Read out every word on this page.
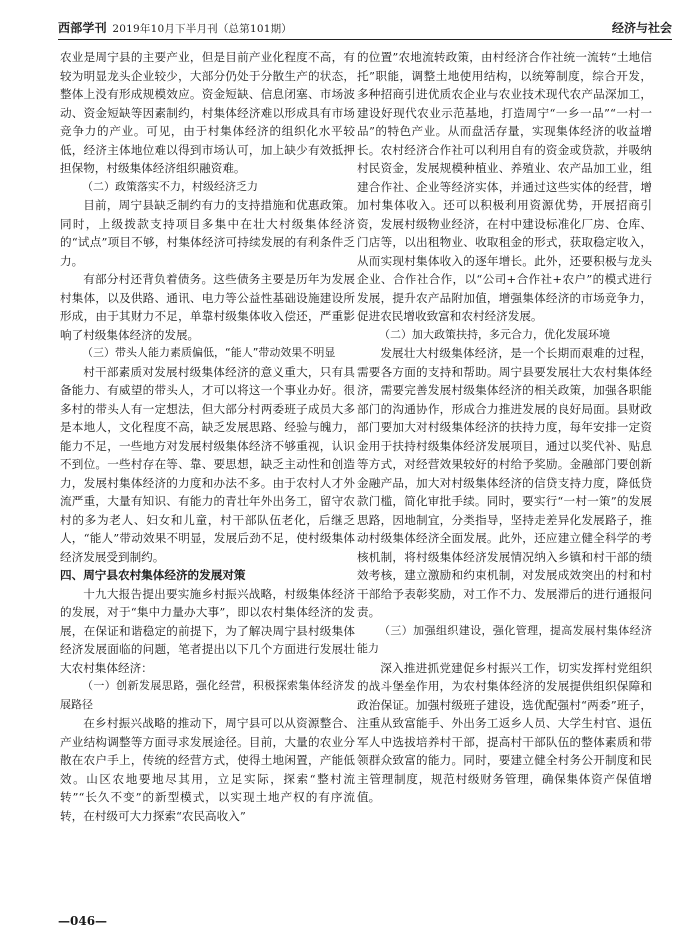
西部学刊 2019年10月下半月刊（总第101期）	经济与社会

农业是周宁县的主要产业，但是目前产业化程度不高，有较为明显龙头企业较少，大部分仍处于分散生产的状态，整体上没有形成规模效应。资金短缺、信息闭塞、市场波动、资金短缺等因素制约，村集体经济难以形成具有市场竞争力的产业。可见，由于村集体经济的组织化水平较低，经济主体地位难以得到市场认可，加上缺少有效抵押担保物，村级集体经济组织融资难。

（二）政策落实不力，村级经济乏力

目前，周宁县缺乏制约有力的支持措施和优惠政策。同时，上级拨款支持项目多集中在壮大村级集体经济的“试点”项目不够，村集体经济可持续发展的有利条件乏力。

有部分村还背负着债务。这些债务主要是历年为发展村集体，以及供路、通讯、电力等公益性基础设施建设所形成，由于其财力不足，单靠村级集体收入偿还，严重影响了村级集体经济的发展。

（三）带头人能力素质偏低，“能人”带动效果不明显

村干部素质对发展村级集体经济的意义重大，只有具备能力、有威望的带头人，才可以将这一个事业办好。很多村的带头人有一定想法，但大部分村两委班子成员大多是本地人，文化程度不高，缺乏发展思路、经验与魄力，能力不足，一些地方对发展村级集体经济不够重视，认识不到位。一些村存在等、靠、要思想，缺乏主动性和创造力，发展村集体经济的力度和办法不多。由于农村人才外流严重，大量有知识、有能力的青壮年外出务工，留守农村的多为老人、妇女和儿童，村干部队伍老化，后继乏人，“能人”带动效果不明显，发展后劲不足，使村级集体经济发展受到制约。

四、周宁县农村集体经济的发展对策

十九大报告提出要实施乡村振兴战略，村级集体经济的发展，对于“集中力量办大事”，即以农村集体经济的发展，在保证和谐稳定的前提下，为了解决周宁县村级集体经济发展面临的问题，笔者提出以下几个方面进行发展壮大农村集体经济：

（一）创新发展思路，强化经营，积极探索集体经济发展路径

在乡村振兴战略的推动下，周宁县可以从资源整合、产业结构调整等方面寻求发展途径。目前，大量的农业分散在农户手上，传统的经营方式，使得土地闲置，产能低效。山区农地要地尽其用，立足实际，探索“整村流转”“长久不变”的新型模式，以实现土地产权的有序流转，在村级可大力探索“农民高收入”

的位置”农地流转政策，由村经济合作社统一流转“土地信托”职能，调整土地使用结构，以统筹制度，综合开发，多种招商引进优质农企业与农业技术现代农产品深加工，建设好现代农业示范基地，打造周宁“一乡一品”“一村一品”的特色产业。从而盘活存量，实现集体经济的收益增长。农村经济合作社可以利用自有的资金或贷款，并吸纳村民资金，发展规模种植业、养殖业、农产品加工业，组建合作社、企业等经济实体，并通过这些实体的经营，增加村集体收入。还可以积极利用资源优势，开展招商引资，发展村级物业经济，在村中建设标准化厂房、仓库、门店等，以出租物业、收取租金的形式，获取稳定收入，从而实现村集体收入的逐年增长。此外，还要积极与龙头企业、合作社合作，以“公司+合作社+农户”的模式进行发展，提升农产品附加值，增强集体经济的市场竞争力，促进农民增收致富和农村经济发展。

（二）加大政策扶持，多元合力，优化发展环境

发展壮大村级集体经济，是一个长期而艰难的过程，需要各方面的支持和帮助。周宁县要发展壮大农村集体经济，需要完善发展村级集体经济的相关政策，加强各职能部门的沟通协作，形成合力推进发展的良好局面。县财政部门要加大对村级集体经济的扶持力度，每年安排一定资金用于扶持村级集体经济发展项目，通过以奖代补、贴息等方式，对经营效果较好的村给予奖励。金融部门要创新金融产品，加大对村级集体经济的信贷支持力度，降低贷款门槛，简化审批手续。同时，要实行“一村一策”的发展思路，因地制宜，分类指导，坚持走差异化发展路子，推动村级集体经济全面发展。此外，还应建立健全科学的考核机制，将村级集体经济发展情况纳入乡镇和村干部的绩效考核，建立激励和约束机制，对发展成效突出的村和村干部给予表彰奖励，对工作不力、发展滞后的进行通报问责。

（三）加强组织建设，强化管理，提高发展村集体经济能力

深入推进抓党建促乡村振兴工作，切实发挥村党组织的战斗堡垒作用，为农村集体经济的发展提供组织保障和政治保证。加强村级班子建设，选优配强村“两委”班子，注重从致富能手、外出务工返乡人员、大学生村官、退伍军人中选拔培养村干部，提高村干部队伍的整体素质和带领群众致富的能力。同时，要建立健全村务公开制度和民主管理制度，规范村级财务管理，确保集体资产保值增值。

—046—
